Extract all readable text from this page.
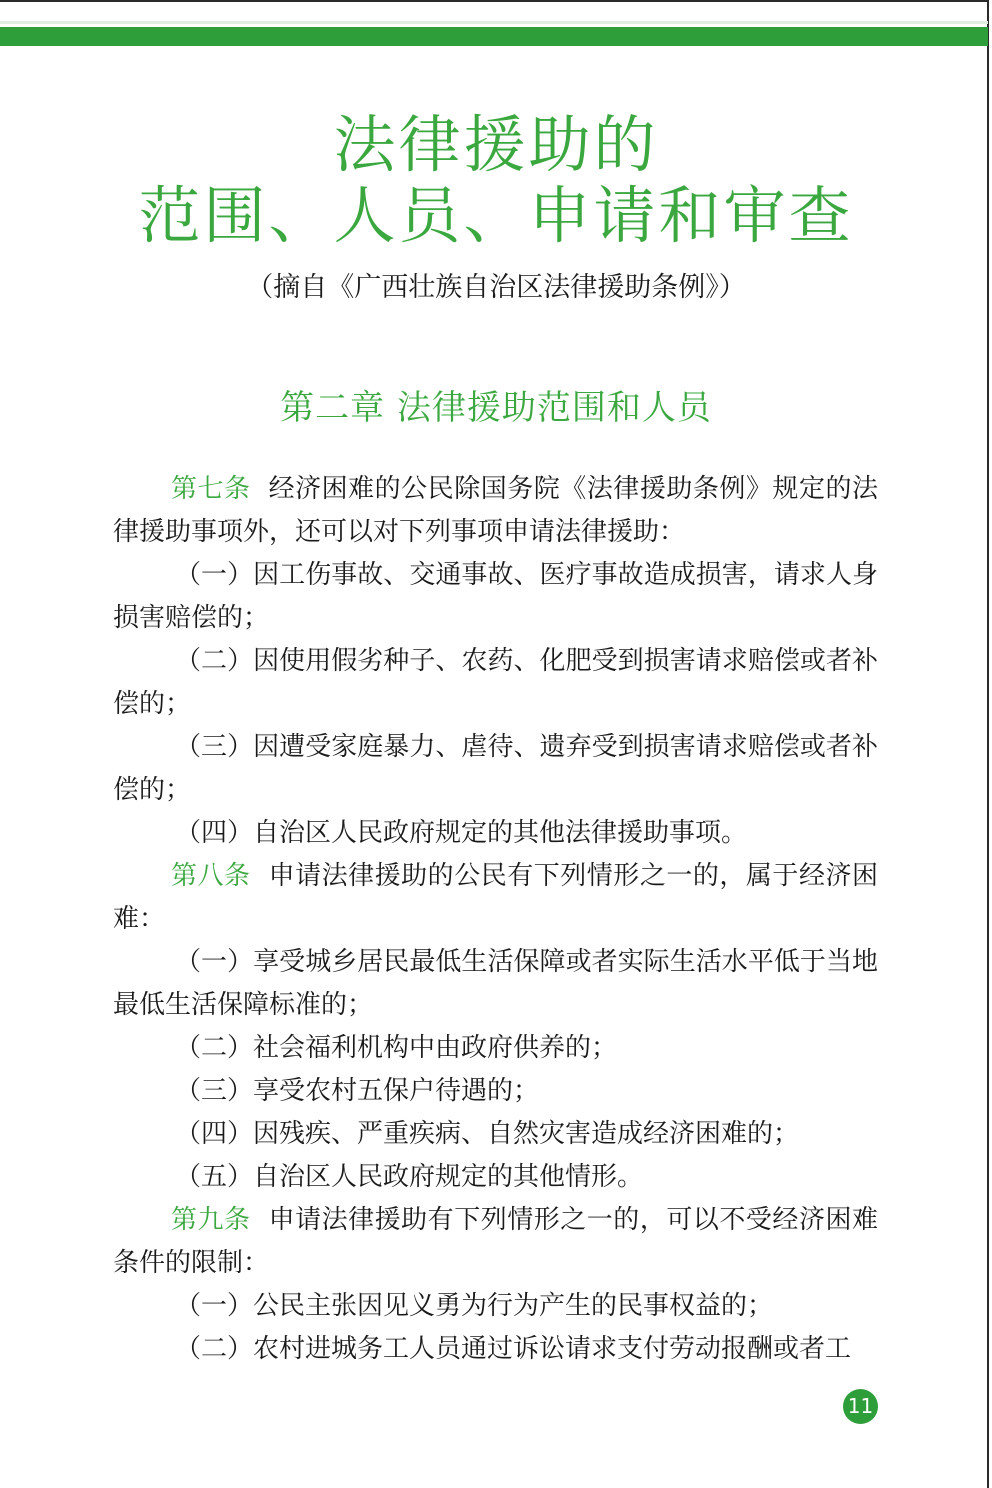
法律援助的
范围、人员、申请和审查
（摘自《广西壮族自治区法律援助条例》）
第二章 法律援助范围和人员

第七条 经济困难的公民除国务院《法律援助条例》规定的法律援助事项外，还可以对下列事项申请法律援助：

（一）因工伤事故、交通事故、医疗事故造成损害，请求人身损害赔偿的；

（二）因使用假劣种子、农药、化肥受到损害请求赔偿或者补偿的；

（三）因遭受家庭暴力、虐待、遗弃受到损害请求赔偿或者补偿的；

（四）自治区人民政府规定的其他法律援助事项。

第八条 申请法律援助的公民有下列情形之一的，属于经济困难：

（一）享受城乡居民最低生活保障或者实际生活水平低于当地最低生活保障标准的；

（二）社会福利机构中由政府供养的；

（三）享受农村五保户待遇的；

（四）因残疾、严重疾病、自然灾害造成经济困难的；

（五）自治区人民政府规定的其他情形。

第九条 申请法律援助有下列情形之一的，可以不受经济困难条件的限制：

（一）公民主张因见义勇为行为产生的民事权益的；

（二）农村进城务工人员通过诉讼请求支付劳动报酬或者工

11
